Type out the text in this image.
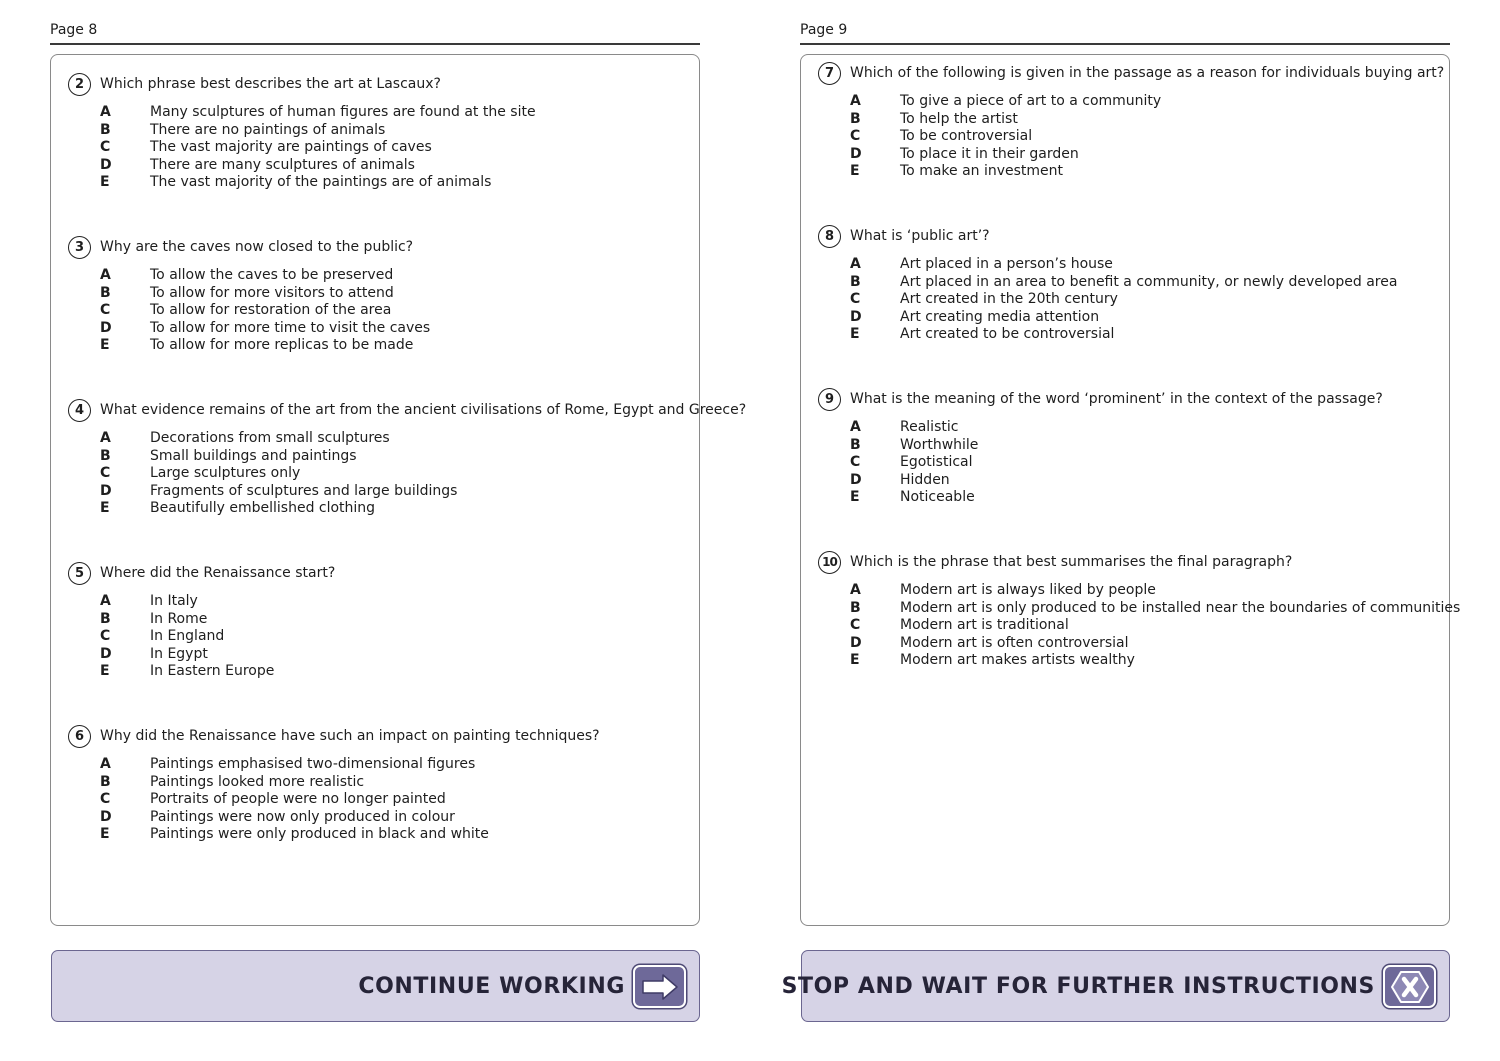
Page 8
2	Which phrase best describes the art at Lascaux?
A	Many sculptures of human figures are found at the site
B	There are no paintings of animals
C	The vast majority are paintings of caves
D	There are many sculptures of animals
E	The vast majority of the paintings are of animals
3	Why are the caves now closed to the public?
A	To allow the caves to be preserved
B	To allow for more visitors to attend
C	To allow for restoration of the area
D	To allow for more time to visit the caves
E	To allow for more replicas to be made
4	What evidence remains of the art from the ancient civilisations of Rome, Egypt and Greece?
A	Decorations from small sculptures
B	Small buildings and paintings
C	Large sculptures only
D	Fragments of sculptures and large buildings
E	Beautifully embellished clothing
5	Where did the Renaissance start?
A	In Italy
B	In Rome
C	In England
D	In Egypt
E	In Eastern Europe
6	Why did the Renaissance have such an impact on painting techniques?
A	Paintings emphasised two-dimensional figures
B	Paintings looked more realistic
C	Portraits of people were no longer painted
D	Paintings were now only produced in colour
E	Paintings were only produced in black and white
CONTINUE WORKING
Page 9
7	Which of the following is given in the passage as a reason for individuals buying art?
A	To give a piece of art to a community
B	To help the artist
C	To be controversial
D	To place it in their garden
E	To make an investment
8	What is ‘public art’?
A	Art placed in a person’s house
B	Art placed in an area to benefit a community, or newly developed area
C	Art created in the 20th century
D	Art creating media attention
E	Art created to be controversial
9	What is the meaning of the word ‘prominent’ in the context of the passage?
A	Realistic
B	Worthwhile
C	Egotistical
D	Hidden
E	Noticeable
10 Which is the phrase that best summarises the final paragraph?
A	Modern art is always liked by people
B	Modern art is only produced to be installed near the boundaries of communities
C	Modern art is traditional
D	Modern art is often controversial
E	Modern art makes artists wealthy
STOP AND WAIT FOR FURTHER INSTRUCTIONS
